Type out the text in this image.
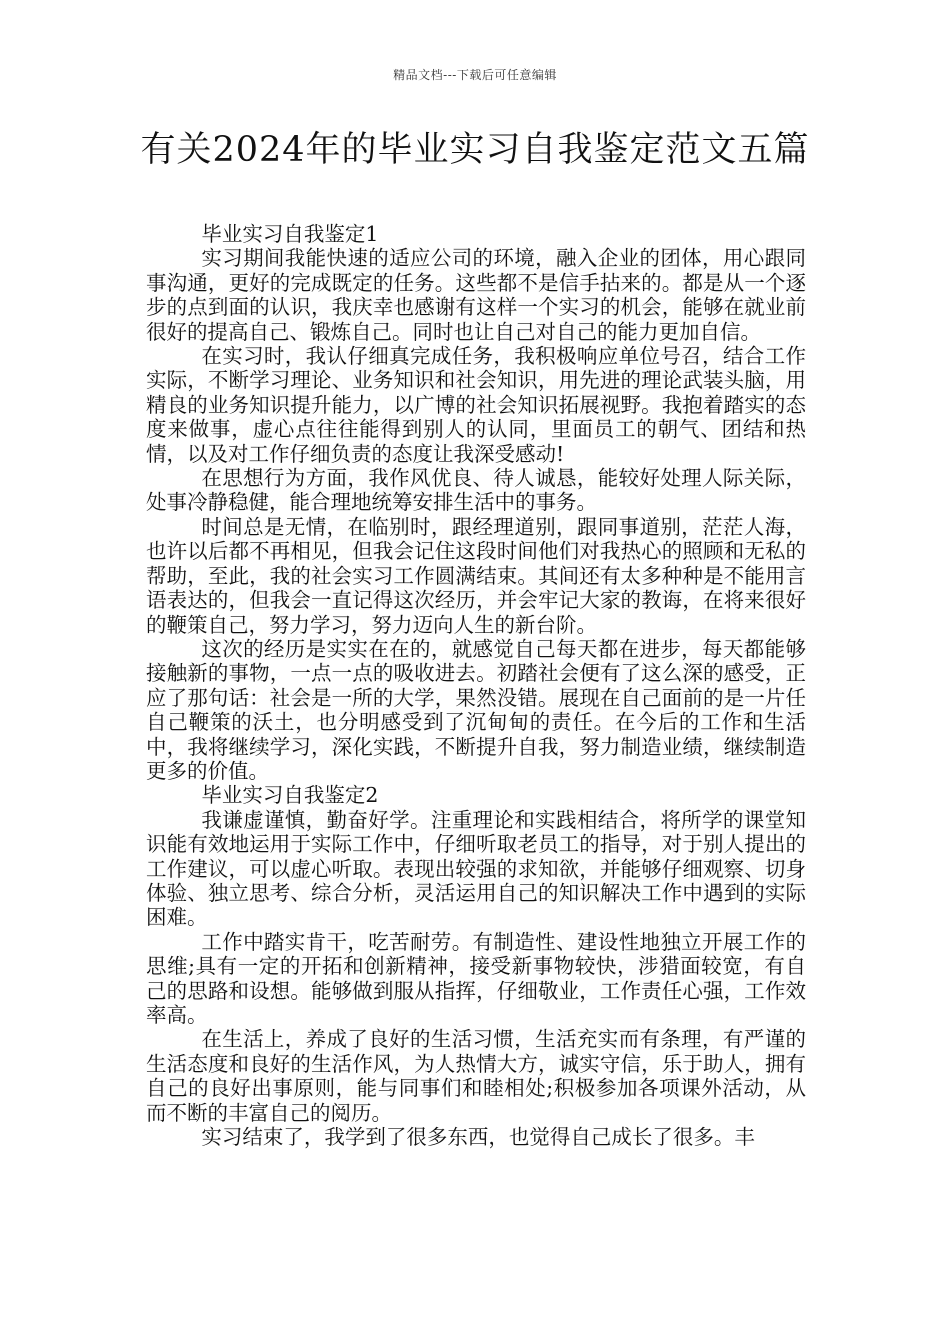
精品文档---下载后可任意编辑
有关2024年的毕业实习自我鉴定范文五篇

毕业实习自我鉴定1

实习期间我能快速的适应公司的环境，融入企业的团体，用心跟同事沟通，更好的完成既定的任务。这些都不是信手拈来的。都是从一个逐步的点到面的认识，我庆幸也感谢有这样一个实习的机会，能够在就业前很好的提高自己、锻炼自己。同时也让自己对自己的能力更加自信。

在实习时，我认仔细真完成任务，我积极响应单位号召，结合工作实际，不断学习理论、业务知识和社会知识，用先进的理论武装头脑，用精良的业务知识提升能力，以广博的社会知识拓展视野。我抱着踏实的态度来做事，虚心点往往能得到别人的认同，里面员工的朝气、团结和热情，以及对工作仔细负责的态度让我深受感动!

在思想行为方面，我作风优良、待人诚恳，能较好处理人际关际，处事冷静稳健，能合理地统筹安排生活中的事务。

时间总是无情，在临别时，跟经理道别，跟同事道别，茫茫人海，也许以后都不再相见，但我会记住这段时间他们对我热心的照顾和无私的帮助，至此，我的社会实习工作圆满结束。其间还有太多种种是不能用言语表达的，但我会一直记得这次经历，并会牢记大家的教诲，在将来很好的鞭策自己，努力学习，努力迈向人生的新台阶。

这次的经历是实实在在的，就感觉自己每天都在进步，每天都能够接触新的事物，一点一点的吸收进去。初踏社会便有了这么深的感受，正应了那句话：社会是一所的大学，果然没错。展现在自己面前的是一片任自己鞭策的沃土，也分明感受到了沉甸甸的责任。在今后的工作和生活中，我将继续学习，深化实践，不断提升自我，努力制造业绩，继续制造更多的价值。

毕业实习自我鉴定2

我谦虚谨慎，勤奋好学。注重理论和实践相结合，将所学的课堂知识能有效地运用于实际工作中，仔细听取老员工的指导，对于别人提出的工作建议，可以虚心听取。表现出较强的求知欲，并能够仔细观察、切身体验、独立思考、综合分析，灵活运用自己的知识解决工作中遇到的实际困难。

工作中踏实肯干，吃苦耐劳。有制造性、建设性地独立开展工作的思维;具有一定的开拓和创新精神，接受新事物较快，涉猎面较宽，有自己的思路和设想。能够做到服从指挥，仔细敬业，工作责任心强，工作效率高。

在生活上，养成了良好的生活习惯，生活充实而有条理，有严谨的生活态度和良好的生活作风，为人热情大方，诚实守信，乐于助人，拥有自己的良好出事原则，能与同事们和睦相处;积极参加各项课外活动，从而不断的丰富自己的阅历。

实习结束了，我学到了很多东西，也觉得自己成长了很多。丰
